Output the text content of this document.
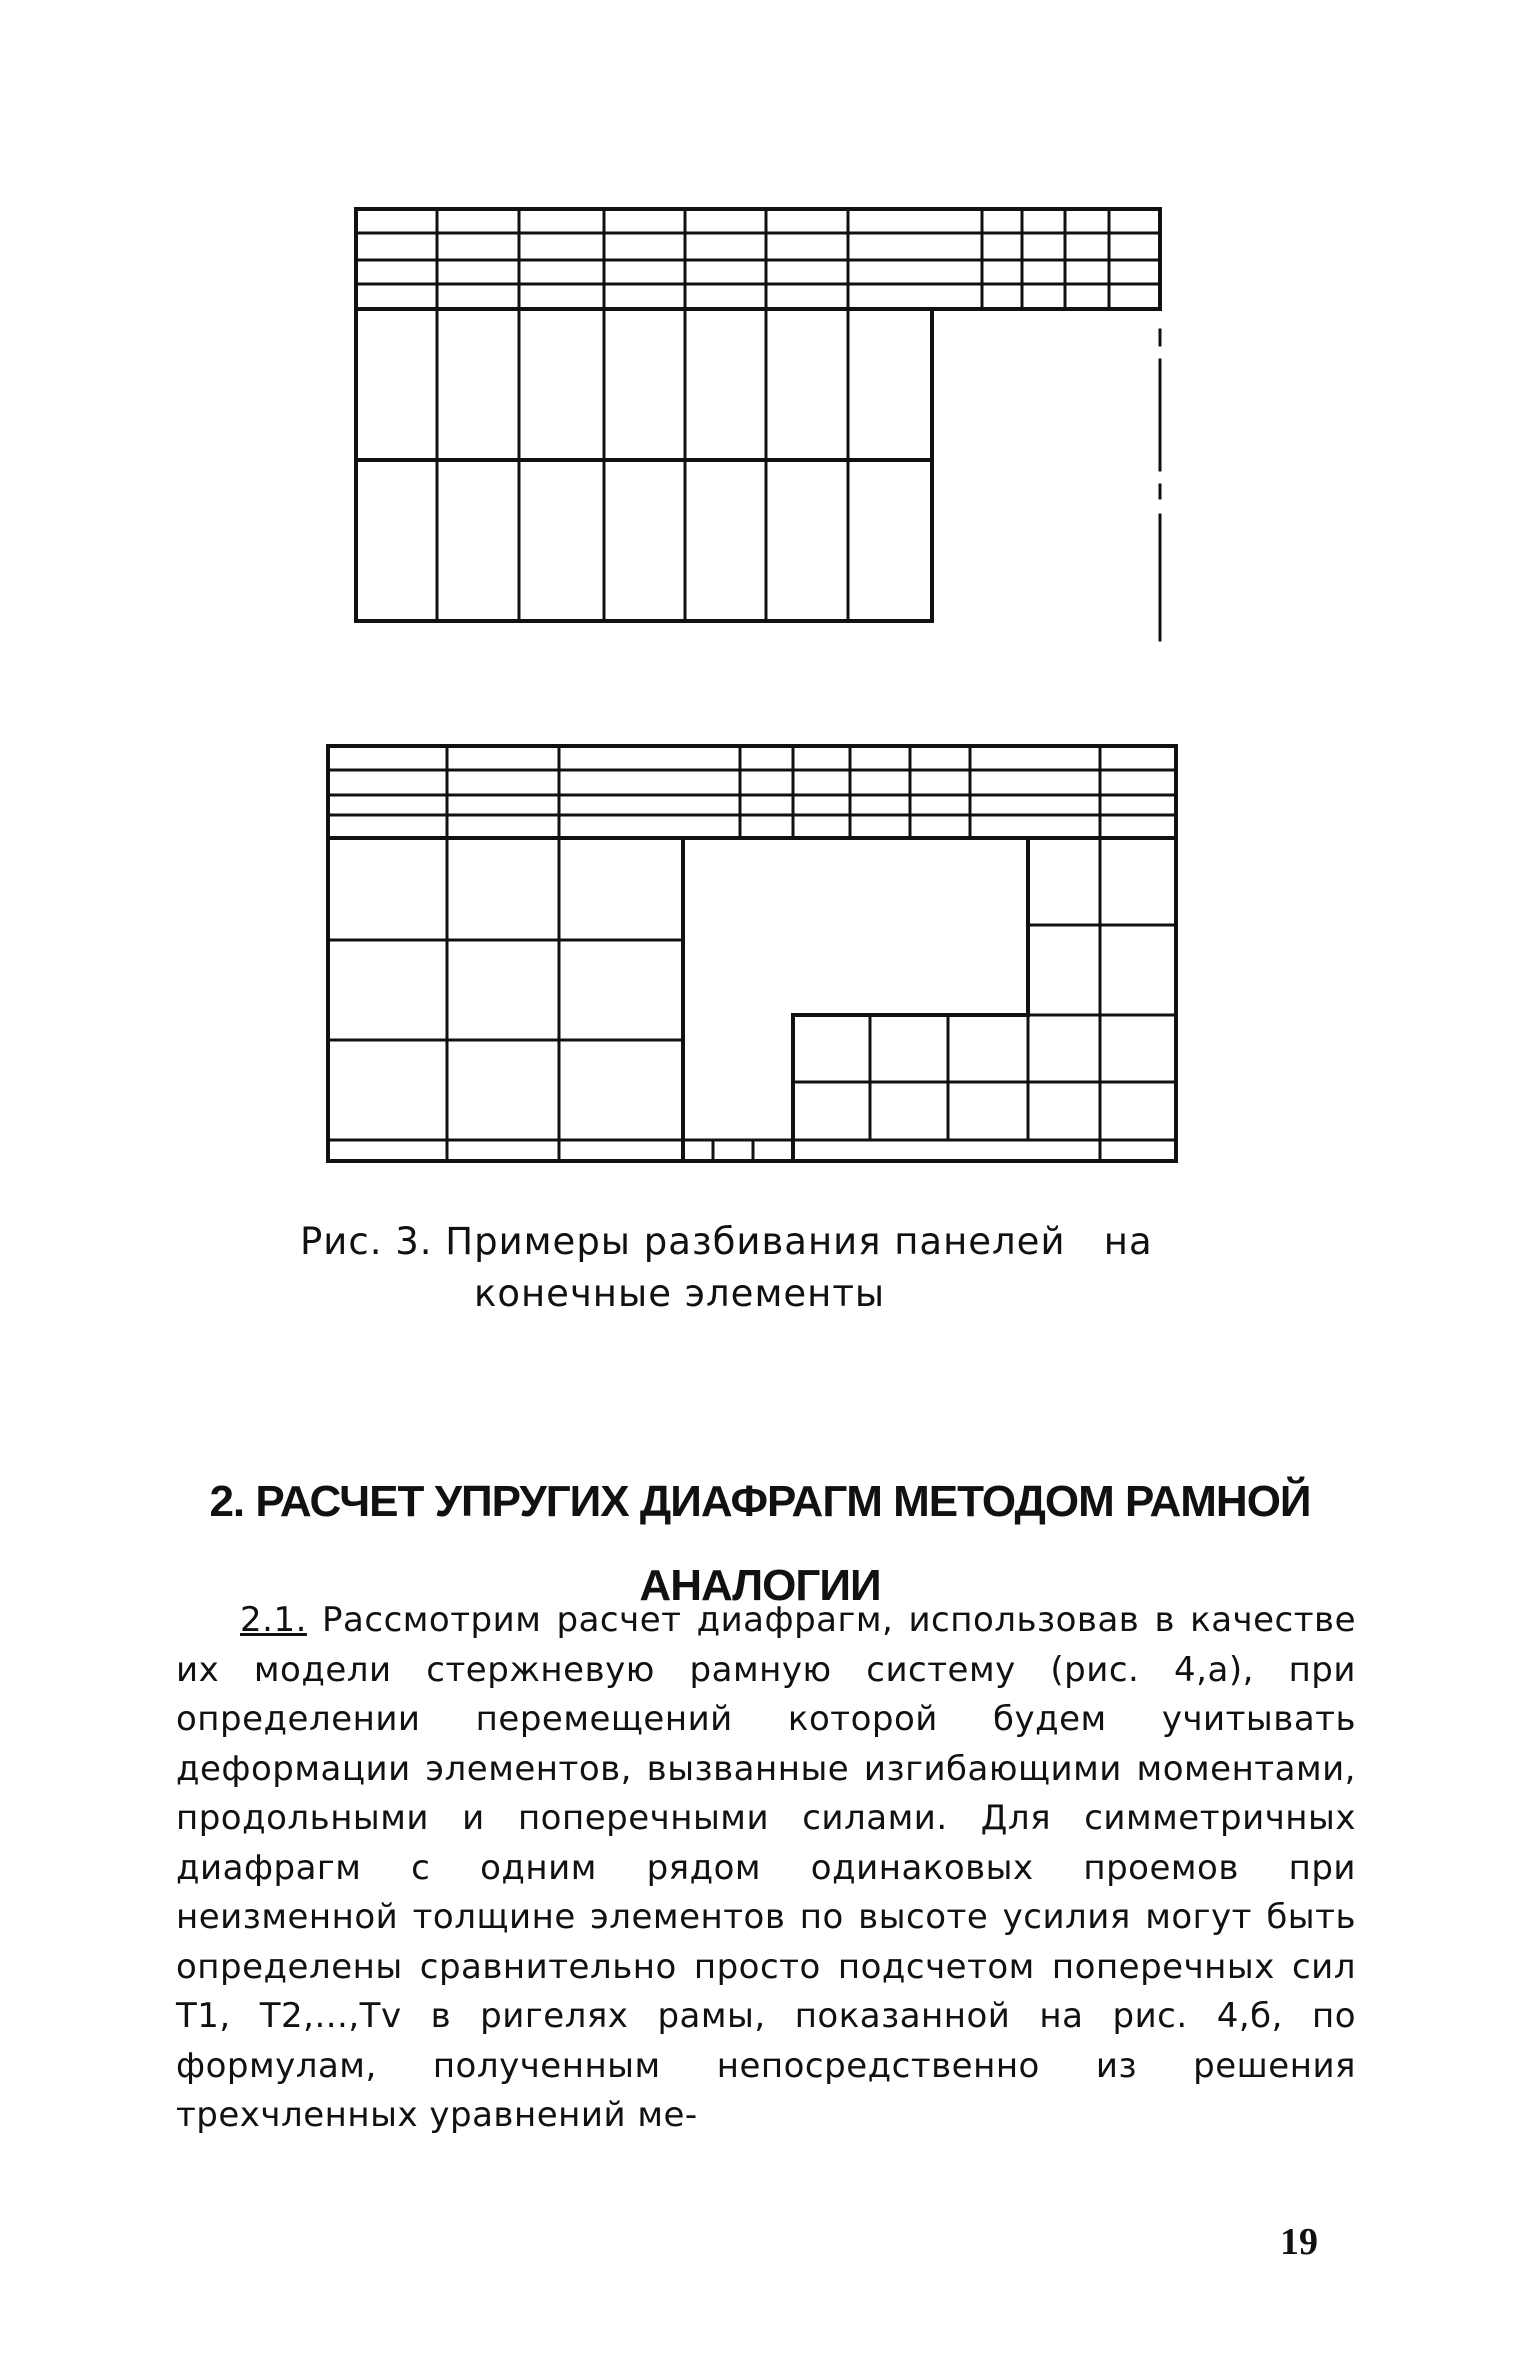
Рис. 3. Примеры разбивания панелей   на
конечные элементы
2. РАСЧЕТ УПРУГИХ ДИАФРАГМ МЕТОДОМ РАМНОЙ
АНАЛОГИИ
2.1. Рассмотрим расчет диафрагм, использовав в качестве их модели стержневую рамную систему (рис. 4,а), при определении перемещений которой будем учитывать деформации элементов, вызванные изгибающими моментами, продольными и поперечными силами. Для симметричных диафрагм с одним рядом одинаковых проемов при неизменной толщине элементов по высоте усилия могут быть определены сравнительно просто подсчетом поперечных сил T1, T2,...,Tv в ригелях рамы, показанной на рис. 4,б, по формулам, полученным непосредственно из решения трехчленных уравнений ме-
19
